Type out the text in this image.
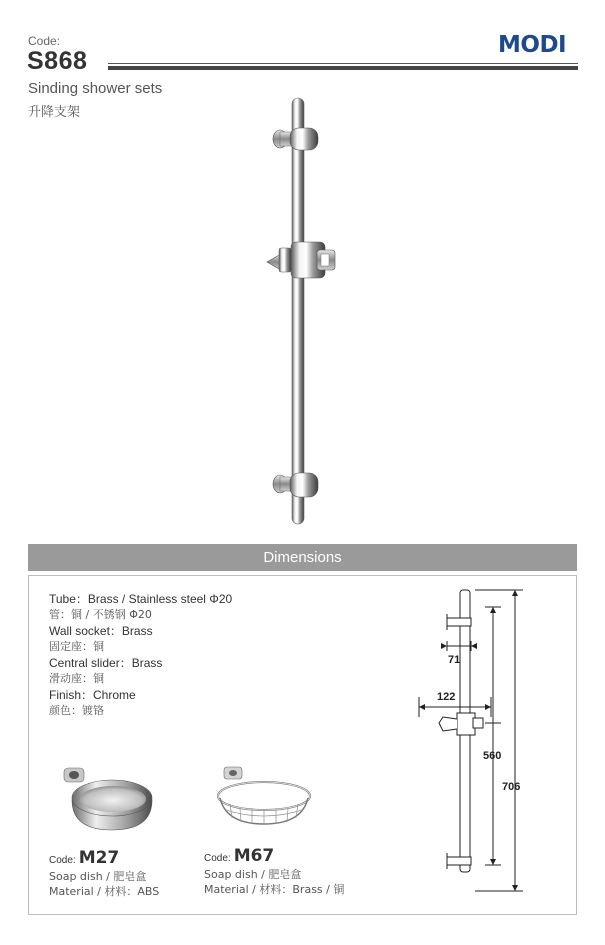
Code:
S868
MODI
Sinding shower sets
升降支架
Dimensions
Tube：Brass / Stainless steel Φ20
管：铜 / 不锈钢 Φ20
Wall socket：Brass
固定座：铜
Central slider：Brass
滑动座：铜
Finish：Chrome
颜色：镀铬
Code: M27
Soap dish / 肥皂盒
Material / 材料：ABS
Code: M67
Soap dish / 肥皂盒
Material / 材料：Brass / 铜
71
122
560
706
